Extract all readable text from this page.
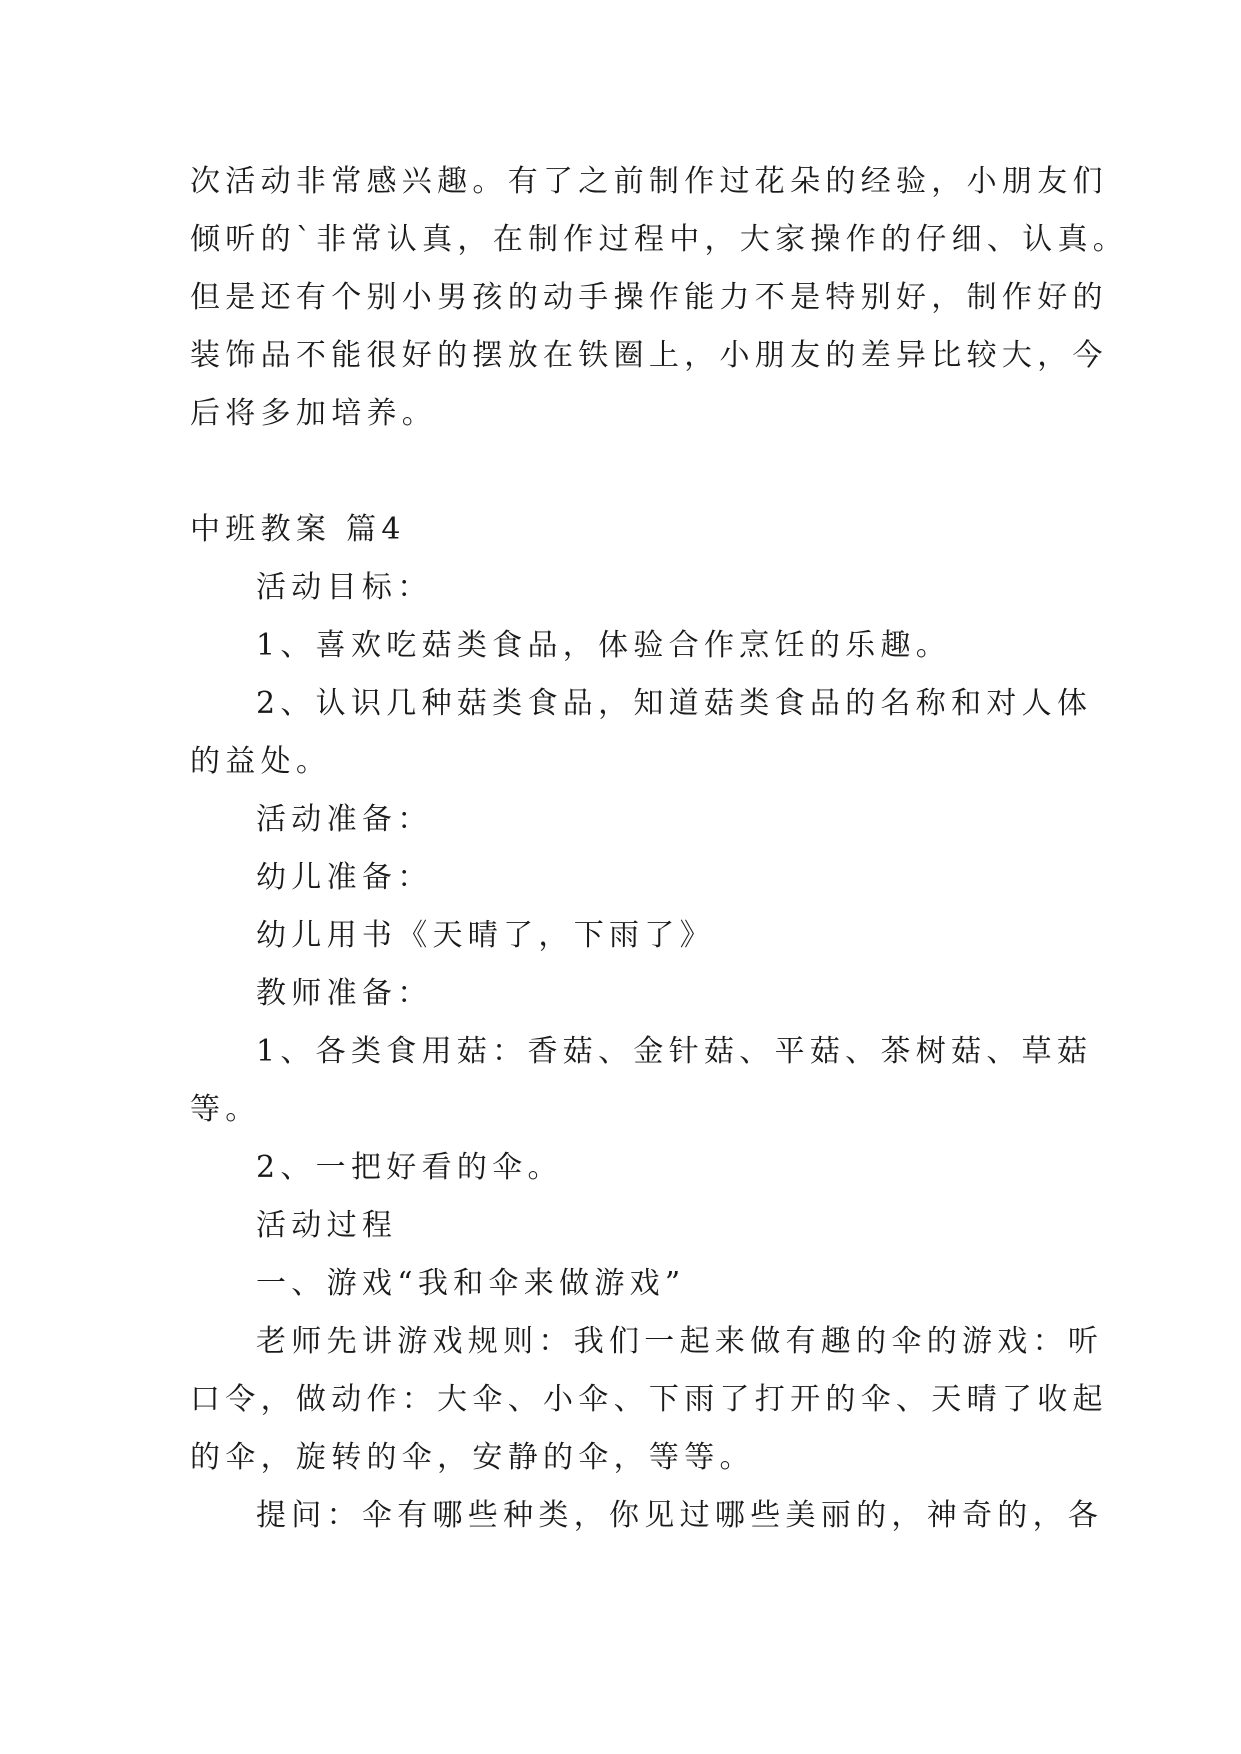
次活动非常感兴趣。有了之前制作过花朵的经验，小朋友们
倾听的`非常认真，在制作过程中，大家操作的仔细、认真。
但是还有个别小男孩的动手操作能力不是特别好，制作好的
装饰品不能很好的摆放在铁圈上，小朋友的差异比较大，今
后将多加培养。
中班教案 篇4
活动目标：
1、喜欢吃菇类食品，体验合作烹饪的乐趣。
2、认识几种菇类食品，知道菇类食品的名称和对人体
的益处。
活动准备：
幼儿准备：
幼儿用书《天晴了，下雨了》
教师准备：
1、各类食用菇：香菇、金针菇、平菇、茶树菇、草菇
等。
2、一把好看的伞。
活动过程
一、游戏“我和伞来做游戏”
老师先讲游戏规则：我们一起来做有趣的伞的游戏：听
口令，做动作：大伞、小伞、下雨了打开的伞、天晴了收起
的伞，旋转的伞，安静的伞，等等。
提问：伞有哪些种类，你见过哪些美丽的，神奇的，各
